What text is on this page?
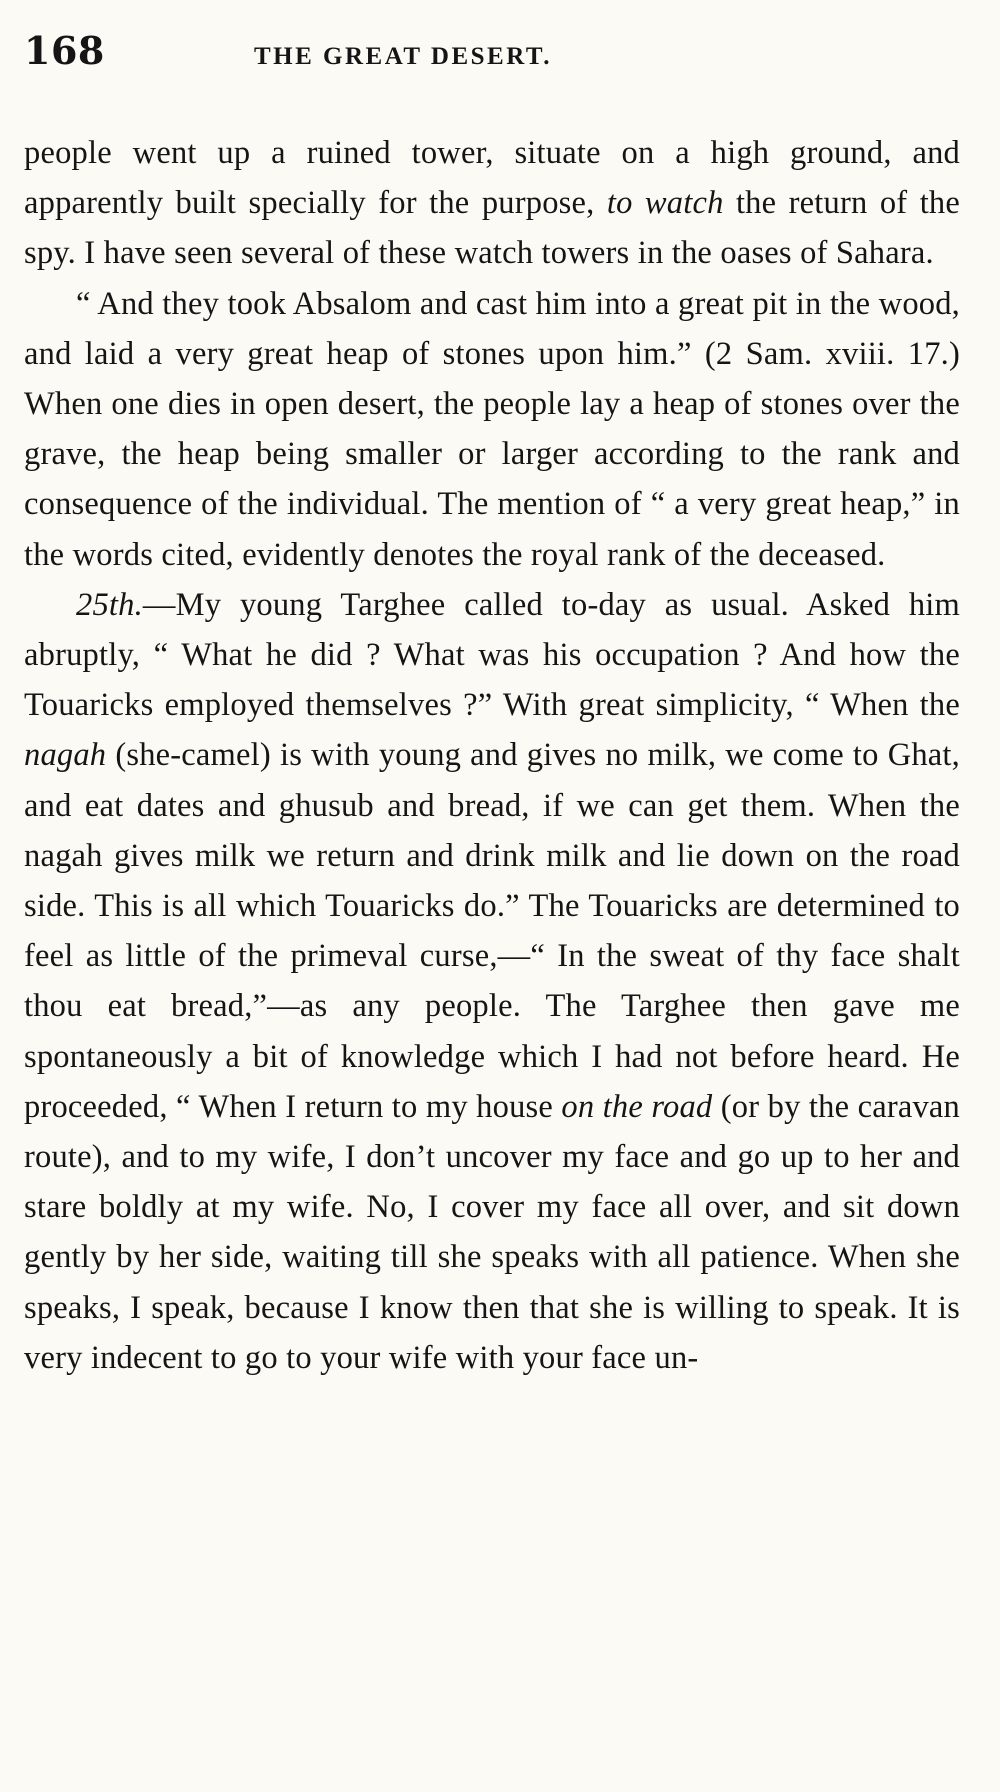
168	THE GREAT DESERT.

people went up a ruined tower, situate on a high ground, and apparently built specially for the purpose, to watch the return of the spy. I have seen several of these watch towers in the oases of Sahara.

“ And they took Absalom and cast him into a great pit in the wood, and laid a very great heap of stones upon him.” (2 Sam. xviii. 17.) When one dies in open desert, the people lay a heap of stones over the grave, the heap being smaller or larger according to the rank and consequence of the individual. The mention of “ a very great heap,” in the words cited, evidently denotes the royal rank of the deceased.

25th.—My young Targhee called to-day as usual. Asked him abruptly, “ What he did ? What was his occupation ? And how the Touaricks employed themselves ?” With great simplicity, “ When the nagah (she-camel) is with young and gives no milk, we come to Ghat, and eat dates and ghusub and bread, if we can get them. When the nagah gives milk we return and drink milk and lie down on the road side. This is all which Touaricks do.” The Touaricks are determined to feel as little of the primeval curse,—“ In the sweat of thy face shalt thou eat bread,”—as any people. The Targhee then gave me spontaneously a bit of knowledge which I had not before heard. He proceeded, “ When I return to my house on the road (or by the caravan route), and to my wife, I don’t uncover my face and go up to her and stare boldly at my wife. No, I cover my face all over, and sit down gently by her side, waiting till she speaks with all patience. When she speaks, I speak, because I know then that she is willing to speak. It is very indecent to go to your wife with your face un-
